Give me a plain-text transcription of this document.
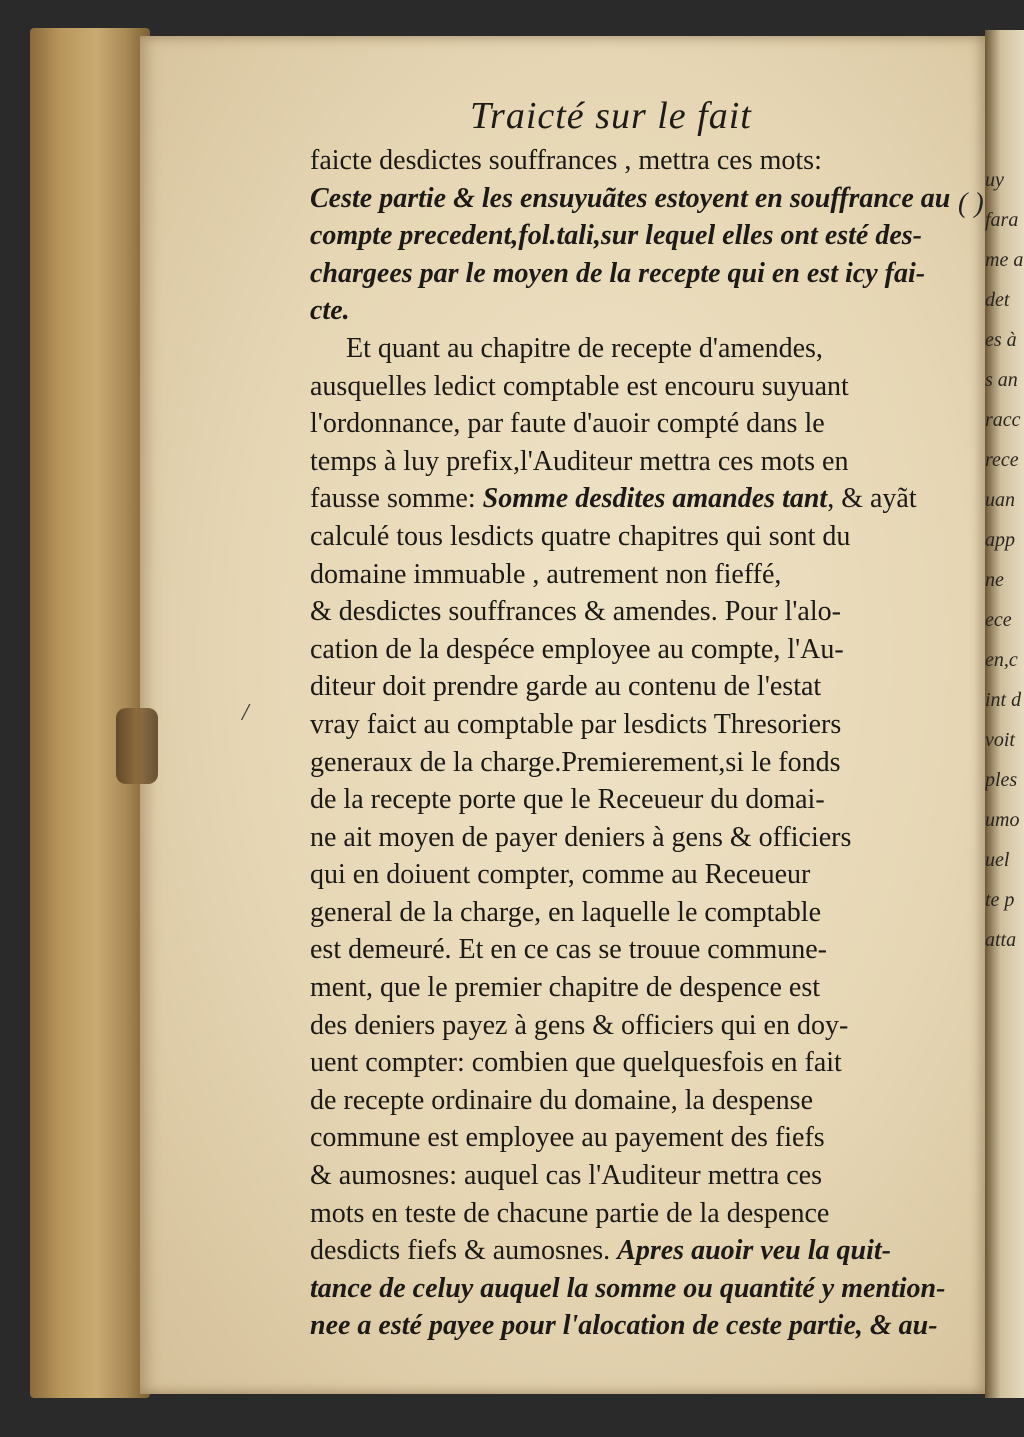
/
uy
fara
me a
det
es à
s an
racc
rece
uan
app
ne
ece
en,c
int d
voit
ples
umo
uel
te p
atta
( )
Traicté sur le fait
faicte desdictes souffrances , mettra ces mots:
Ceste partie & les ensuyuãtes estoyent en souffrance au
compte precedent,fol.tali,sur lequel elles ont esté des-
chargees par le moyen de la recepte qui en est icy fai-
cte.
Et quant au chapitre de recepte d'amendes,
ausquelles ledict comptable est encouru suyuant
l'ordonnance, par faute d'auoir compté dans le
temps à luy prefix,l'Auditeur mettra ces mots en
fausse somme: Somme desdites amandes tant, & ayãt
calculé tous lesdicts quatre chapitres qui sont du
domaine immuable , autrement non fieffé,
& desdictes souffrances & amendes. Pour l'alo-
cation de la despéce employee au compte, l'Au-
diteur doit prendre garde au contenu de l'estat
vray faict au comptable par lesdicts Thresoriers
generaux de la charge.Premierement,si le fonds
de la recepte porte que le Receueur du domai-
ne ait moyen de payer deniers à gens & officiers
qui en doiuent compter, comme au Receueur
general de la charge, en laquelle le comptable
est demeuré. Et en ce cas se trouue commune-
ment, que le premier chapitre de despence est
des deniers payez à gens & officiers qui en doy-
uent compter: combien que quelquesfois en fait
de recepte ordinaire du domaine, la despense
commune est employee au payement des fiefs
& aumosnes: auquel cas l'Auditeur mettra ces
mots en teste de chacune partie de la despence
desdicts fiefs & aumosnes. Apres auoir veu la quit-
tance de celuy auquel la somme ou quantité y mention-
nee a esté payee pour l'alocation de ceste partie, & au-
